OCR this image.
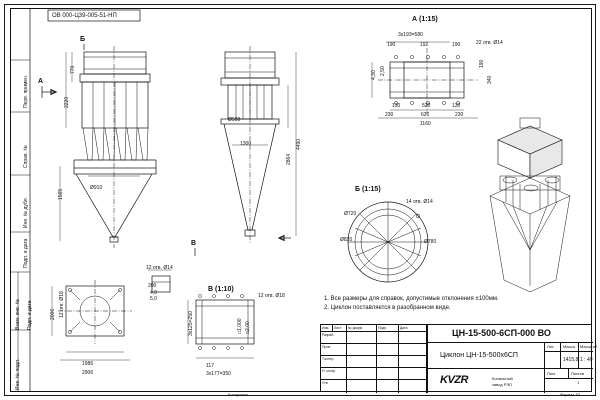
Перв. примен.
Справ. №
Инв. № дубл.
Подп. и дата
Взам. инв. № Подп. и дата
Инв. № подл.
ОВ 000-Ц39-005-51-НП	А (1:15)
Б (1:15)
В (1:10)
Б
В
А
770
2220
1565
Ø910
Ø508
1300
2864
4490
3х193=580
190	192	190	22 отв. Ø14
4,30 2,50
190
340
130	520	130
230	620	230
1160
Ø720
Ø820	Ø780
14 отв. Ø14
1986
2906
2006 12 отв. Ø18
12 отв. Ø14
200
4,0
5,0	12 отв. Ø18
117
3х177=350
3х125=250	□1,000 □2,00
1. Все размеры для справок, допустимые отклонения ±100мм.
2. Циклон поставляется в разобранном виде.
ЦН-15-500-6СП-000 ВО
Циклон ЦН-15-500х6СП
Лит. Масса Масштаб
1415,8 1 : 40
Лист	Листов
1
KVZR	Копальный
завод РЭП
Изм.	Лист	№ докум.	Подп.	Дата
Разраб.
Пров.
Т.контр.
Н. контр.
Утв.
Копировал	Формат А3
